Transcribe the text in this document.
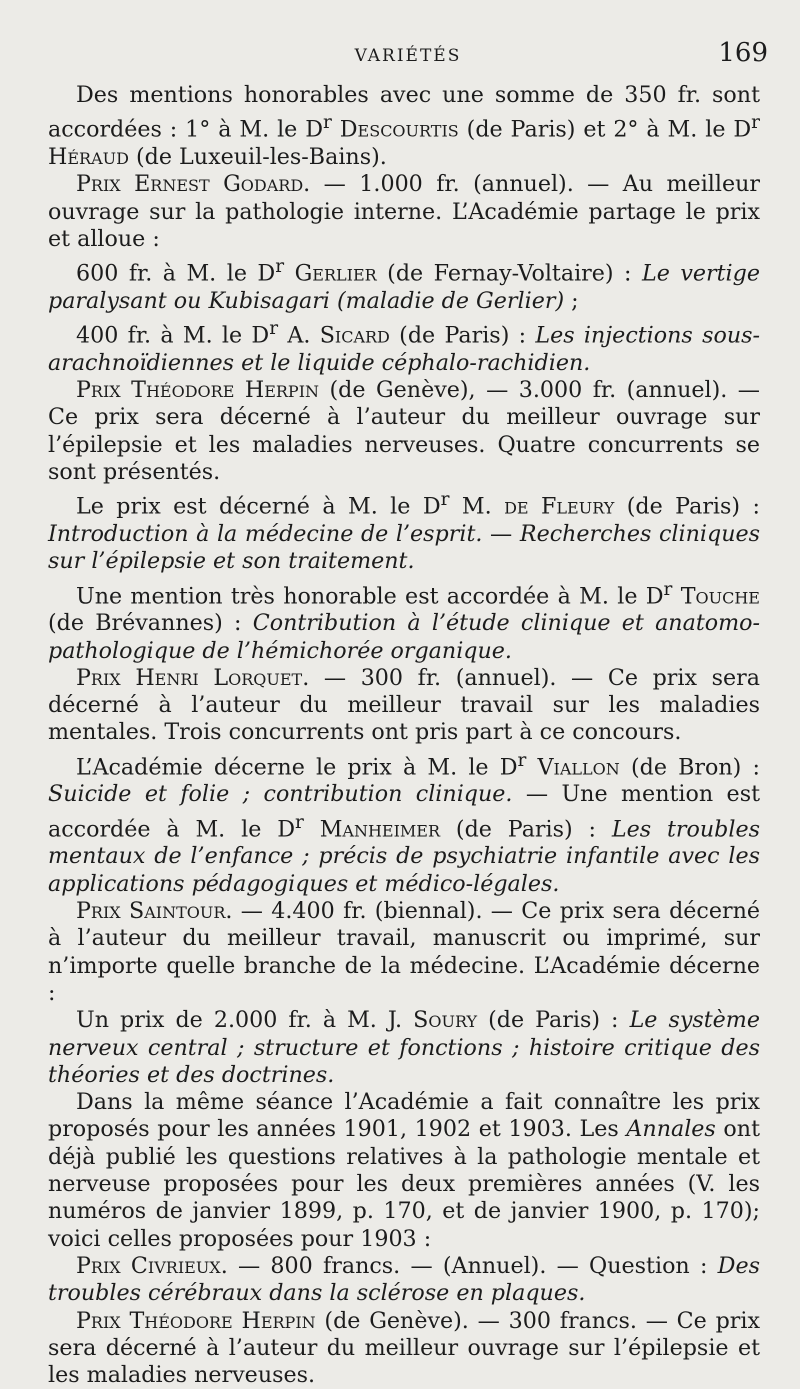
VARIÉTÉS	169

Des mentions honorables avec une somme de 350 fr. sont accordées : 1° à M. le $D^r$ Descourtis (de Paris) et 2° à M. le $D^r$ Héraud (de Luxeuil-les-Bains).

Prix Ernest Godard. — 1.000 fr. (annuel). — Au meilleur ouvrage sur la pathologie interne. L’Académie partage le prix et alloue :

600 fr. à M. le $D^r$ Gerlier (de Fernay-Voltaire) : Le vertige paralysant ou Kubisagari (maladie de Gerlier) ;

400 fr. à M. le $D^r$ A. Sicard (de Paris) : Les injections sous-arachnoïdiennes et le liquide céphalo-rachidien.

Prix Théodore Herpin (de Genève), — 3.000 fr. (annuel). — Ce prix sera décerné à l’auteur du meilleur ouvrage sur l’épilepsie et les maladies nerveuses. Quatre concurrents se sont présentés.

Le prix est décerné à M. le $D^r$ M. de Fleury (de Paris) : Introduction à la médecine de l’esprit. — Recherches cliniques sur l’épilepsie et son traitement.

Une mention très honorable est accordée à M. le $D^r$ Touche (de Brévannes) : Contribution à l’étude clinique et anatomo-pathologique de l’hémichorée organique.

Prix Henri Lorquet. — 300 fr. (annuel). — Ce prix sera décerné à l’auteur du meilleur travail sur les maladies mentales. Trois concurrents ont pris part à ce concours.

L’Académie décerne le prix à M. le $D^r$ Viallon (de Bron) : Suicide et folie ; contribution clinique. — Une mention est accordée à M. le $D^r$ Manheimer (de Paris) : Les troubles mentaux de l’enfance ; précis de psychiatrie infantile avec les applications pédagogiques et médico-légales.

Prix Saintour. — 4.400 fr. (biennal). — Ce prix sera décerné à l’auteur du meilleur travail, manuscrit ou imprimé, sur n’importe quelle branche de la médecine. L’Académie décerne :

Un prix de 2.000 fr. à M. J. Soury (de Paris) : Le système nerveux central ; structure et fonctions ; histoire critique des théories et des doctrines.

Dans la même séance l’Académie a fait connaître les prix proposés pour les années 1901, 1902 et 1903. Les Annales ont déjà publié les questions relatives à la pathologie mentale et nerveuse proposées pour les deux premières années (V. les numéros de janvier 1899, p. 170, et de janvier 1900, p. 170); voici celles proposées pour 1903 :

Prix Civrieux. — 800 francs. — (Annuel). — Question : Des troubles cérébraux dans la sclérose en plaques.

Prix Théodore Herpin (de Genève). — 300 francs. — Ce prix sera décerné à l’auteur du meilleur ouvrage sur l’épilepsie et les maladies nerveuses.
